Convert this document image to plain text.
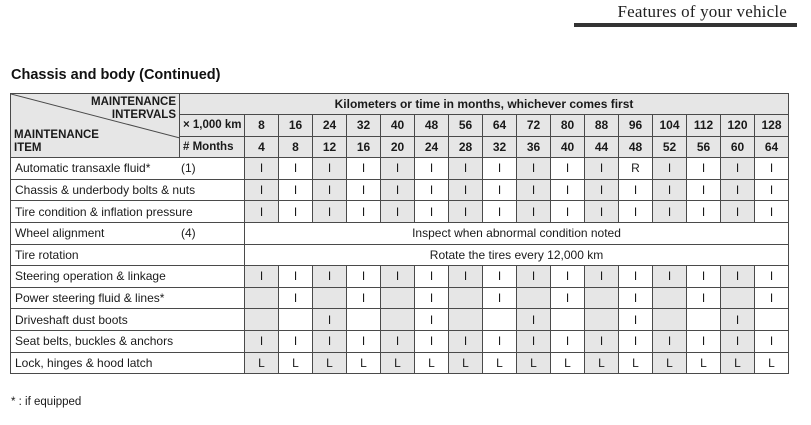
Features of your vehicle
Chassis and body (Continued)
MAINTENANCE
INTERVALS
MAINTENANCE
ITEM	Kilometers or time in months, whichever comes first																
	× 1,000 km	8	16	24	32	40	48	56	64	72	80	88	96	104	112	120	128
	# Months	4	8	12	16	20	24	28	32	36	40	44	48	52	56	60	64
Automatic transaxle fluid* (1)		I	I	I	I	I	I	I	I	I	I	I	R	I	I	I	I
Chassis & underbody bolts & nuts		I	I	I	I	I	I	I	I	I	I	I	I	I	I	I	I
Tire condition & inflation pressure		I	I	I	I	I	I	I	I	I	I	I	I	I	I	I	I
Wheel alignment (4)		Inspect when abnormal condition noted															
Tire rotation		Rotate the tires every 12,000 km															
Steering operation & linkage		I	I	I	I	I	I	I	I	I	I	I	I	I	I	I	I
Power steering fluid & lines*			I		I		I		I		I		I		I		I
Driveshaft dust boots				I			I			I			I			I	
Seat belts, buckles & anchors		I	I	I	I	I	I	I	I	I	I	I	I	I	I	I	I
Lock, hinges & hood latch		L	L	L	L	L	L	L	L	L	L	L	L	L	L	L	L
* : if equipped
